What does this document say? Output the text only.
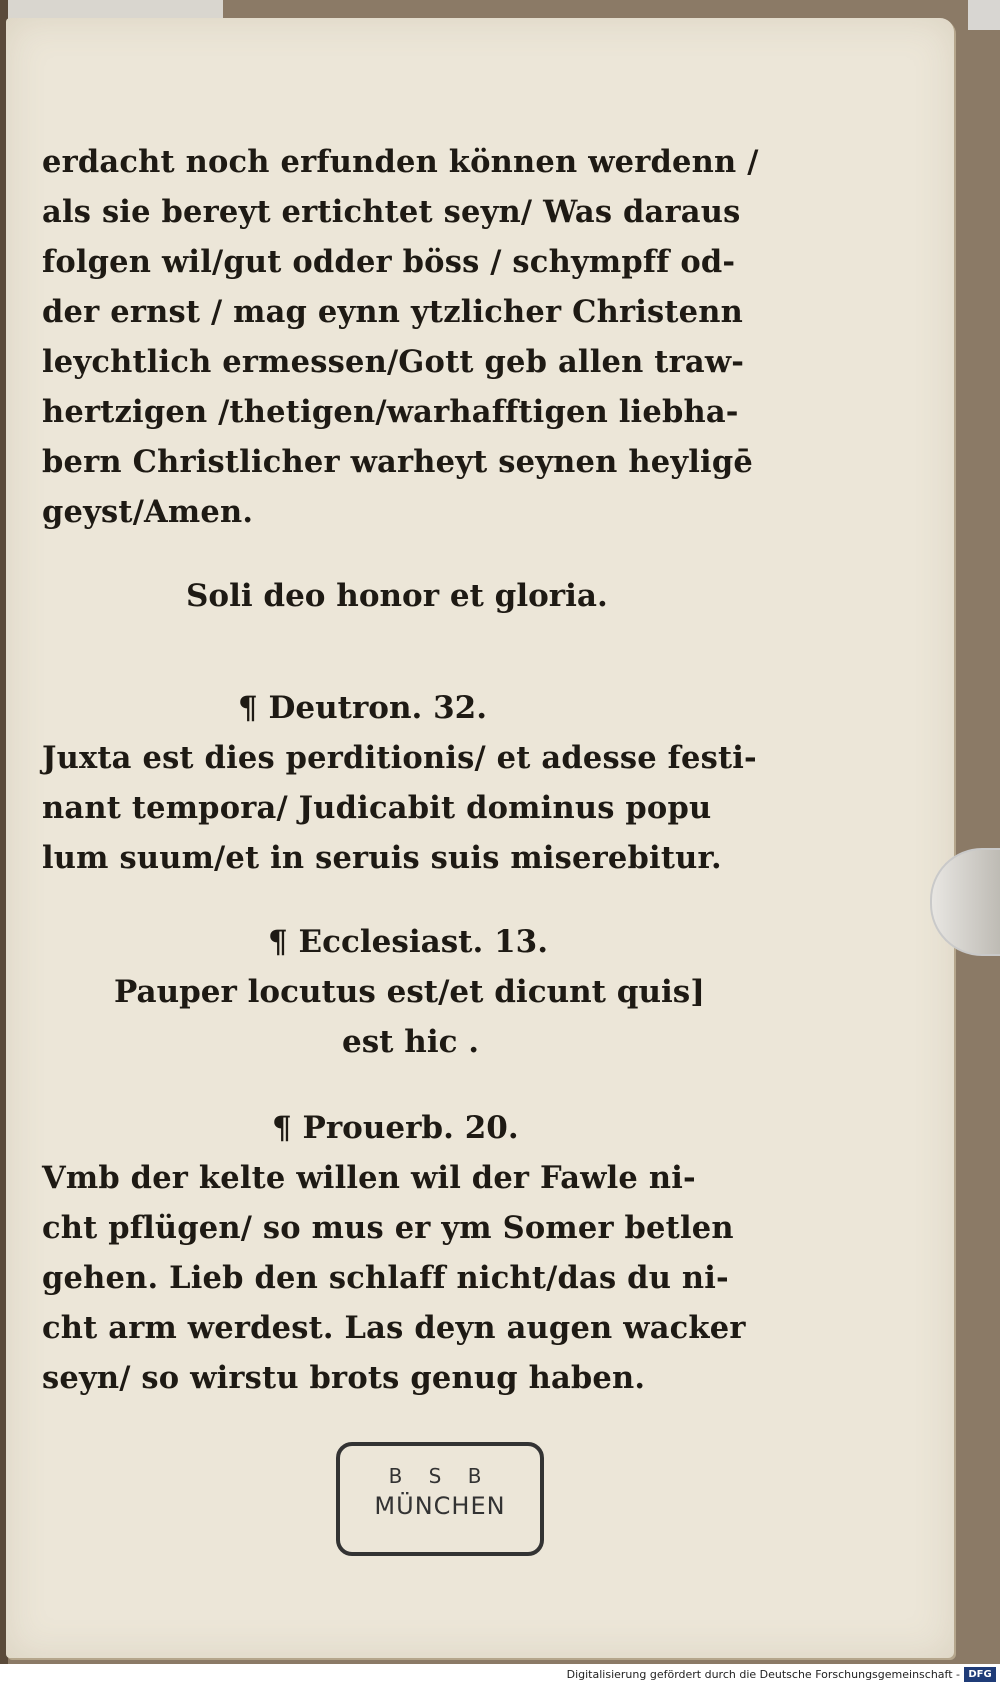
erdacht noch erfunden können werdenn /
als sie bereyt ertichtet seyn/ Was daraus
folgen wil/gut odder böss / schympff od-
der ernst / mag eynn ytzlicher Christenn
leychtlich ermessen/Gott geb allen traw-
hertzigen /thetigen/warhafftigen liebha-
bern Christlicher warheyt seynen heyligē
geyst/Amen.
Soli deo honor et gloria.
¶ Deutron. 32.
Juxta est dies perditionis/ et adesse festi-
nant tempora/ Judicabit dominus popu
lum suum/et in seruis suis miserebitur.
¶ Ecclesiast. 13.
Pauper locutus est/et dicunt quis]
est hic .
¶ Prouerb. 20.
Vmb der kelte willen wil der Fawle ni-
cht pflügen/ so mus er ym Somer betlen
gehen. Lieb den schlaff nicht/das du ni-
cht arm werdest. Las deyn augen wacker
seyn/ so wirstu brots genug haben.
B S B
MÜNCHEN
Digitalisierung gefördert durch die Deutsche Forschungsgemeinschaft - DFG
